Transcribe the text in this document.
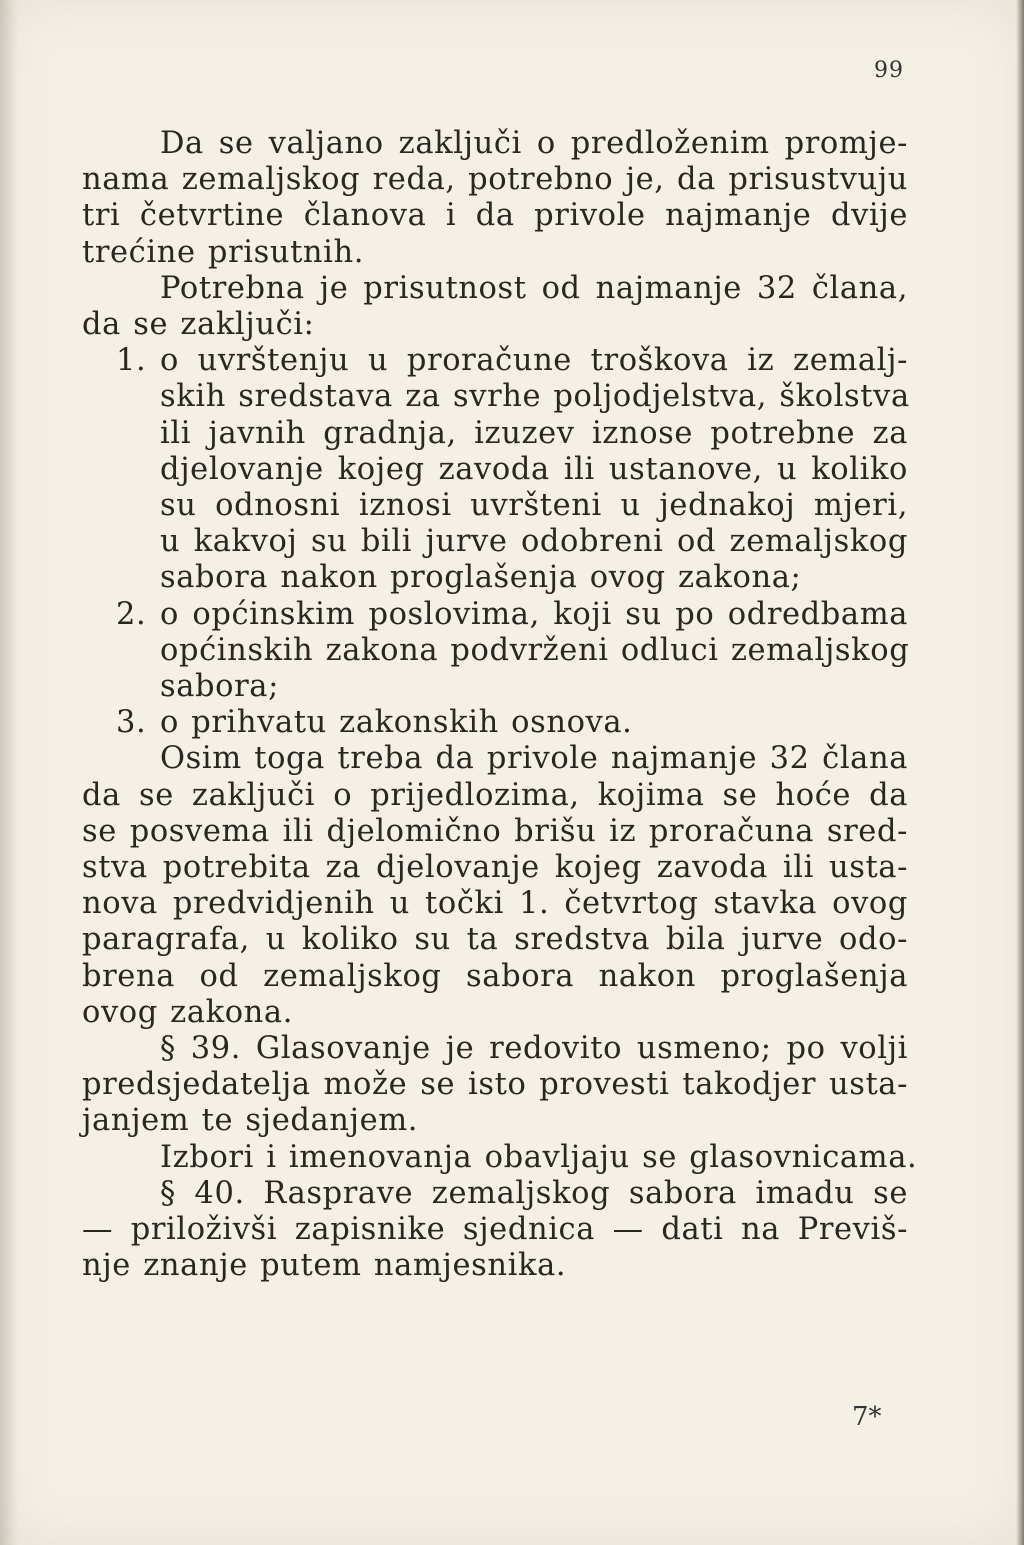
99
Da se valjano zaključi o predloženim promje-
nama zemaljskog reda, potrebno je, da prisustvuju
tri četvrtine članova i da privole najmanje dvije
trećine prisutnih.
Potrebna je prisutnost od najmanje 32 člana,
da se zaključi:
1. o uvrštenju u proračune troškova iz zemalj-
skih sredstava za svrhe poljodjelstva, školstva
ili javnih gradnja, izuzev iznose potrebne za
djelovanje kojeg zavoda ili ustanove, u koliko
su odnosni iznosi uvršteni u jednakoj mjeri,
u kakvoj su bili jurve odobreni od zemaljskog
sabora nakon proglašenja ovog zakona;
2. o općinskim poslovima, koji su po odredbama
općinskih zakona podvrženi odluci zemaljskog
sabora;
3. o prihvatu zakonskih osnova.
Osim toga treba da privole najmanje 32 člana
da se zaključi o prijedlozima, kojima se hoće da
se posvema ili djelomično brišu iz proračuna sred-
stva potrebita za djelovanje kojeg zavoda ili usta-
nova predvidjenih u točki 1. četvrtog stavka ovog
paragrafa, u koliko su ta sredstva bila jurve odo-
brena od zemaljskog sabora nakon proglašenja
ovog zakona.
§ 39. Glasovanje je redovito usmeno; po volji
predsjedatelja može se isto provesti takodjer usta-
janjem te sjedanjem.
Izbori i imenovanja obavljaju se glasovnicama.
§ 40. Rasprave zemaljskog sabora imadu se
— priloživši zapisnike sjednica — dati na Previš-
nje znanje putem namjesnika.
7*
